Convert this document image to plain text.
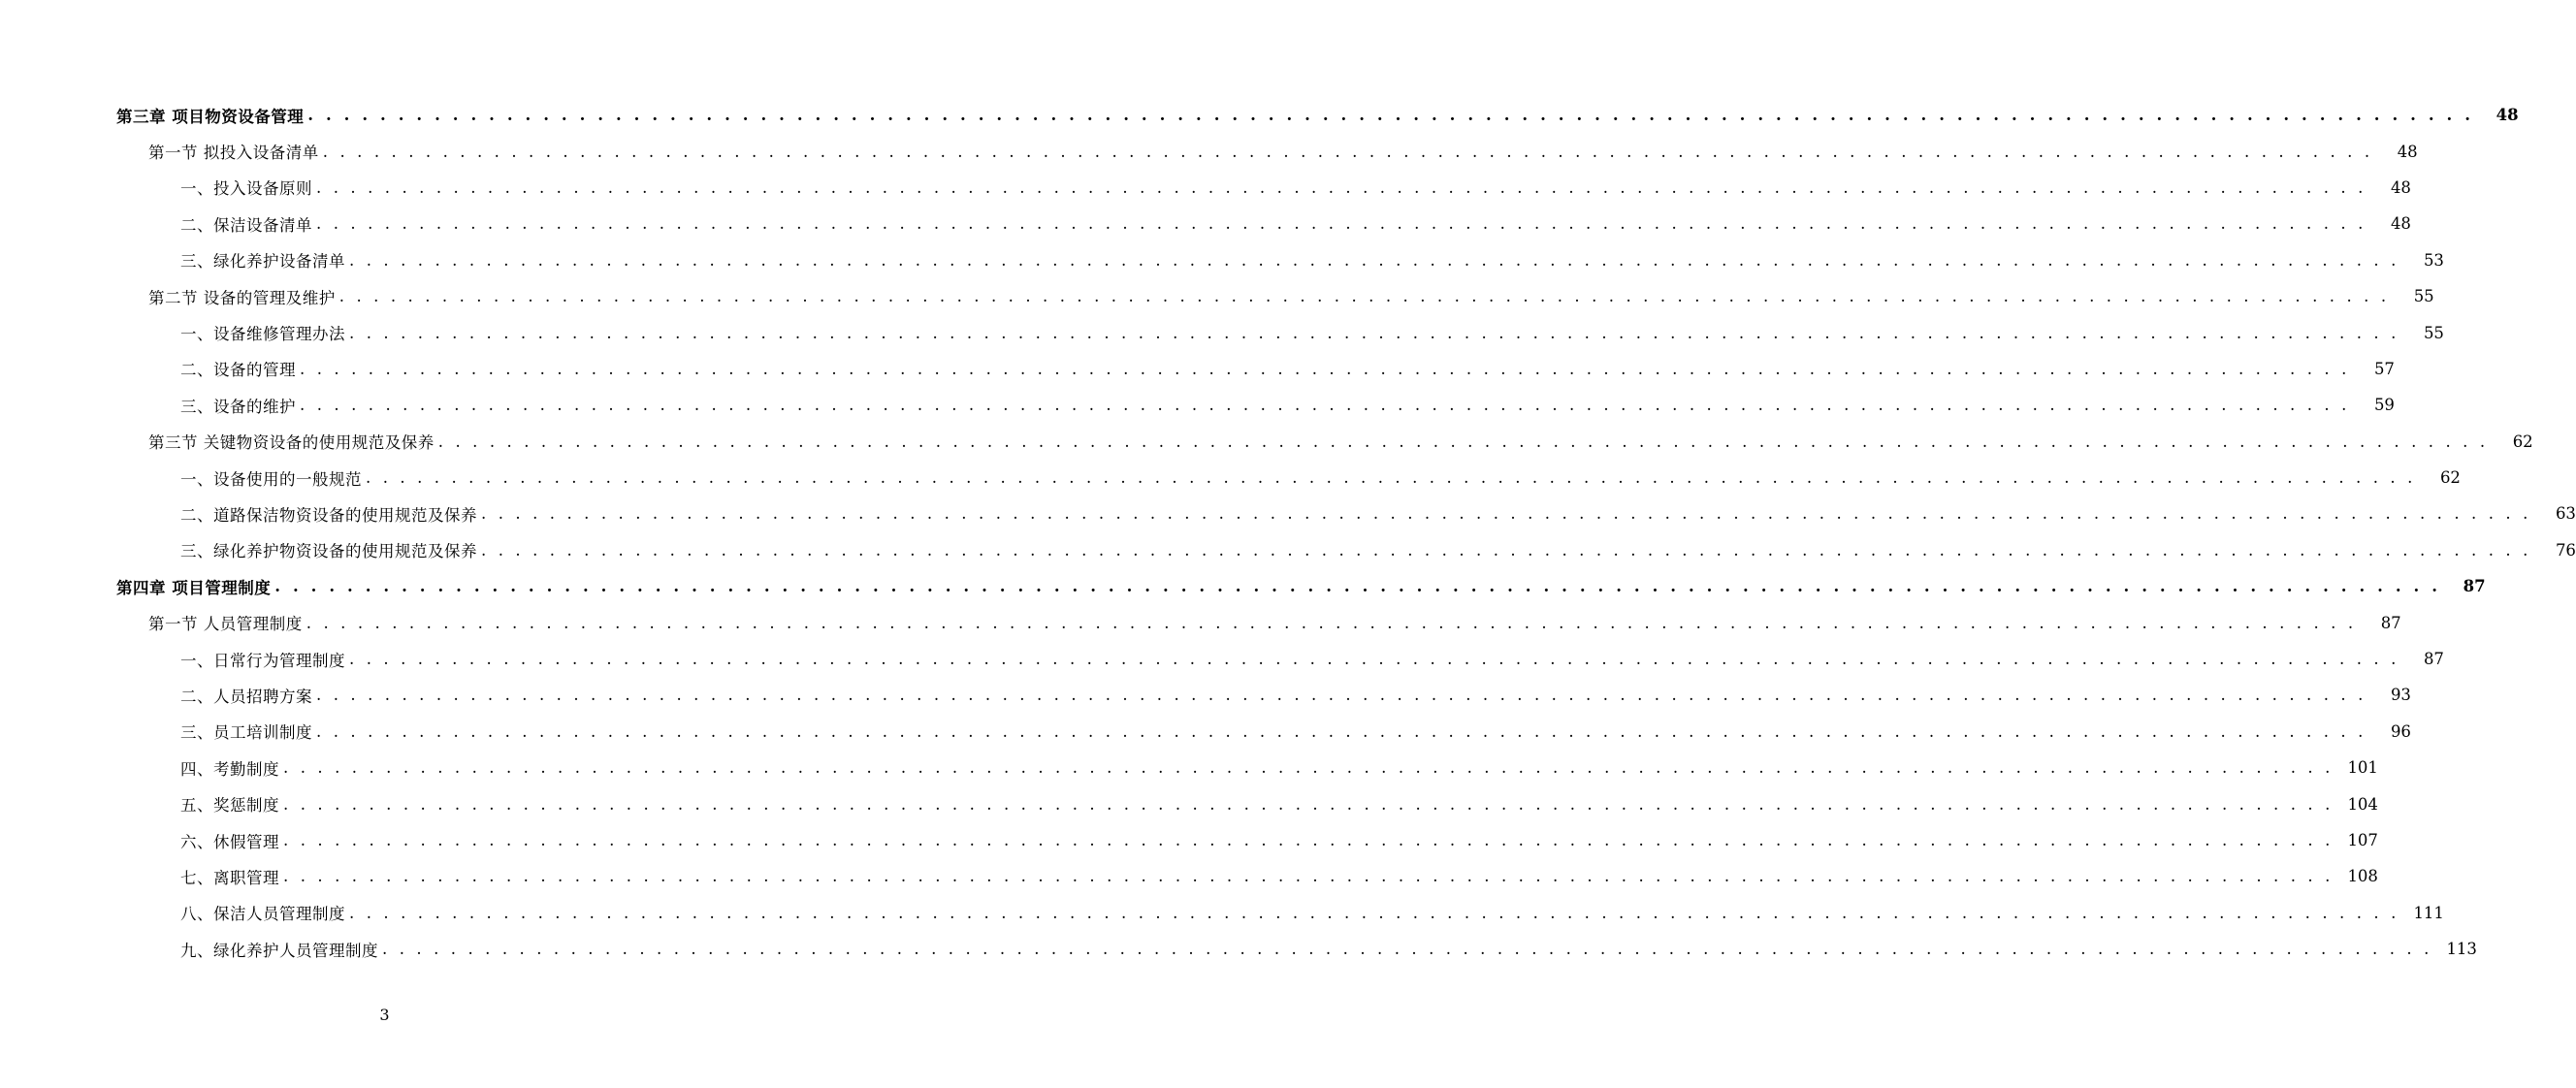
第三章 项目物资设备管理 . . . . . . . . . . . . . . . . . . . . . . . . . . . . . . . . . . . . . . . . . . . . . . . . . . . . . . . . . . . . . . . . . . . . . . . . . . . . . . . . . . . . . . . . . . . . . . . . . . . . . . . . . . . . . . . . . . . . . . . .	48
第一节 拟投入设备清单 . . . . . . . . . . . . . . . . . . . . . . . . . . . . . . . . . . . . . . . . . . . . . . . . . . . . . . . . . . . . . . . . . . . . . . . . . . . . . . . . . . . . . . . . . . . . . . . . . . . . . . . . . . . . . . . . . . . . . . . .	48
一、投入设备原则 . . . . . . . . . . . . . . . . . . . . . . . . . . . . . . . . . . . . . . . . . . . . . . . . . . . . . . . . . . . . . . . . . . . . . . . . . . . . . . . . . . . . . . . . . . . . . . . . . . . . . . . . . . . . . . . . . . . . . . . .	48
二、保洁设备清单 . . . . . . . . . . . . . . . . . . . . . . . . . . . . . . . . . . . . . . . . . . . . . . . . . . . . . . . . . . . . . . . . . . . . . . . . . . . . . . . . . . . . . . . . . . . . . . . . . . . . . . . . . . . . . . . . . . . . . . . .	48
三、绿化养护设备清单 . . . . . . . . . . . . . . . . . . . . . . . . . . . . . . . . . . . . . . . . . . . . . . . . . . . . . . . . . . . . . . . . . . . . . . . . . . . . . . . . . . . . . . . . . . . . . . . . . . . . . . . . . . . . . . . . . . . . . . . .	53
第二节 设备的管理及维护 . . . . . . . . . . . . . . . . . . . . . . . . . . . . . . . . . . . . . . . . . . . . . . . . . . . . . . . . . . . . . . . . . . . . . . . . . . . . . . . . . . . . . . . . . . . . . . . . . . . . . . . . . . . . . . . . . . . . . . . .	55
一、设备维修管理办法 . . . . . . . . . . . . . . . . . . . . . . . . . . . . . . . . . . . . . . . . . . . . . . . . . . . . . . . . . . . . . . . . . . . . . . . . . . . . . . . . . . . . . . . . . . . . . . . . . . . . . . . . . . . . . . . . . . . . . . . .	55
二、设备的管理 . . . . . . . . . . . . . . . . . . . . . . . . . . . . . . . . . . . . . . . . . . . . . . . . . . . . . . . . . . . . . . . . . . . . . . . . . . . . . . . . . . . . . . . . . . . . . . . . . . . . . . . . . . . . . . . . . . . . . . . .	57
三、设备的维护 . . . . . . . . . . . . . . . . . . . . . . . . . . . . . . . . . . . . . . . . . . . . . . . . . . . . . . . . . . . . . . . . . . . . . . . . . . . . . . . . . . . . . . . . . . . . . . . . . . . . . . . . . . . . . . . . . . . . . . . .	59
第三节 关键物资设备的使用规范及保养 . . . . . . . . . . . . . . . . . . . . . . . . . . . . . . . . . . . . . . . . . . . . . . . . . . . . . . . . . . . . . . . . . . . . . . . . . . . . . . . . . . . . . . . . . . . . . . . . . . . . . . . . . . . . . . . . . . . . . . . .	62
一、设备使用的一般规范 . . . . . . . . . . . . . . . . . . . . . . . . . . . . . . . . . . . . . . . . . . . . . . . . . . . . . . . . . . . . . . . . . . . . . . . . . . . . . . . . . . . . . . . . . . . . . . . . . . . . . . . . . . . . . . . . . . . . . . . .	62
二、道路保洁物资设备的使用规范及保养 . . . . . . . . . . . . . . . . . . . . . . . . . . . . . . . . . . . . . . . . . . . . . . . . . . . . . . . . . . . . . . . . . . . . . . . . . . . . . . . . . . . . . . . . . . . . . . . . . . . . . . . . . . . . . . . . . . . . . . . .	63
三、绿化养护物资设备的使用规范及保养 . . . . . . . . . . . . . . . . . . . . . . . . . . . . . . . . . . . . . . . . . . . . . . . . . . . . . . . . . . . . . . . . . . . . . . . . . . . . . . . . . . . . . . . . . . . . . . . . . . . . . . . . . . . . . . . . . . . . . . . .	76
第四章 项目管理制度 . . . . . . . . . . . . . . . . . . . . . . . . . . . . . . . . . . . . . . . . . . . . . . . . . . . . . . . . . . . . . . . . . . . . . . . . . . . . . . . . . . . . . . . . . . . . . . . . . . . . . . . . . . . . . . . . . . . . . . . .	87
第一节 人员管理制度 . . . . . . . . . . . . . . . . . . . . . . . . . . . . . . . . . . . . . . . . . . . . . . . . . . . . . . . . . . . . . . . . . . . . . . . . . . . . . . . . . . . . . . . . . . . . . . . . . . . . . . . . . . . . . . . . . . . . . . . .	87
一、日常行为管理制度 . . . . . . . . . . . . . . . . . . . . . . . . . . . . . . . . . . . . . . . . . . . . . . . . . . . . . . . . . . . . . . . . . . . . . . . . . . . . . . . . . . . . . . . . . . . . . . . . . . . . . . . . . . . . . . . . . . . . . . . .	87
二、人员招聘方案 . . . . . . . . . . . . . . . . . . . . . . . . . . . . . . . . . . . . . . . . . . . . . . . . . . . . . . . . . . . . . . . . . . . . . . . . . . . . . . . . . . . . . . . . . . . . . . . . . . . . . . . . . . . . . . . . . . . . . . . .	93
三、员工培训制度 . . . . . . . . . . . . . . . . . . . . . . . . . . . . . . . . . . . . . . . . . . . . . . . . . . . . . . . . . . . . . . . . . . . . . . . . . . . . . . . . . . . . . . . . . . . . . . . . . . . . . . . . . . . . . . . . . . . . . . . .	96
四、考勤制度 . . . . . . . . . . . . . . . . . . . . . . . . . . . . . . . . . . . . . . . . . . . . . . . . . . . . . . . . . . . . . . . . . . . . . . . . . . . . . . . . . . . . . . . . . . . . . . . . . . . . . . . . . . . . . . . . . . . . . . . . 101
五、奖惩制度 . . . . . . . . . . . . . . . . . . . . . . . . . . . . . . . . . . . . . . . . . . . . . . . . . . . . . . . . . . . . . . . . . . . . . . . . . . . . . . . . . . . . . . . . . . . . . . . . . . . . . . . . . . . . . . . . . . . . . . . . 104
六、休假管理 . . . . . . . . . . . . . . . . . . . . . . . . . . . . . . . . . . . . . . . . . . . . . . . . . . . . . . . . . . . . . . . . . . . . . . . . . . . . . . . . . . . . . . . . . . . . . . . . . . . . . . . . . . . . . . . . . . . . . . . . 107
七、离职管理 . . . . . . . . . . . . . . . . . . . . . . . . . . . . . . . . . . . . . . . . . . . . . . . . . . . . . . . . . . . . . . . . . . . . . . . . . . . . . . . . . . . . . . . . . . . . . . . . . . . . . . . . . . . . . . . . . . . . . . . . 108
八、保洁人员管理制度 . . . . . . . . . . . . . . . . . . . . . . . . . . . . . . . . . . . . . . . . . . . . . . . . . . . . . . . . . . . . . . . . . . . . . . . . . . . . . . . . . . . . . . . . . . . . . . . . . . . . . . . . . . . . . . . . . . . . . . . . 111
九、绿化养护人员管理制度 . . . . . . . . . . . . . . . . . . . . . . . . . . . . . . . . . . . . . . . . . . . . . . . . . . . . . . . . . . . . . . . . . . . . . . . . . . . . . . . . . . . . . . . . . . . . . . . . . . . . . . . . . . . . . . . . . . . . . . . . 113
3
